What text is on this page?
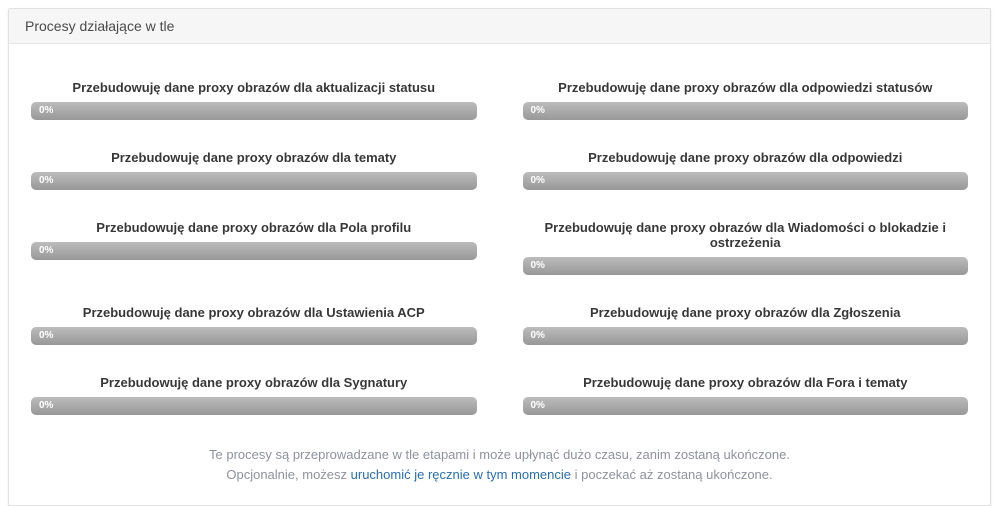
Procesy działające w tle
Przebudowuję dane proxy obrazów dla aktualizacji statusu
0%
Przebudowuję dane proxy obrazów dla odpowiedzi statusów
0%
Przebudowuję dane proxy obrazów dla tematy
0%
Przebudowuję dane proxy obrazów dla odpowiedzi
0%
Przebudowuję dane proxy obrazów dla Pola profilu
0%
Przebudowuję dane proxy obrazów dla Wiadomości o blokadzie i ostrzeżenia
0%
Przebudowuję dane proxy obrazów dla Ustawienia ACP
0%
Przebudowuję dane proxy obrazów dla Zgłoszenia
0%
Przebudowuję dane proxy obrazów dla Sygnatury
0%
Przebudowuję dane proxy obrazów dla Fora i tematy
0%

Te procesy są przeprowadzane w tle etapami i może upłynąć dużo czasu, zanim zostaną ukończone.

Opcjonalnie, możesz uruchomić je ręcznie w tym momencie i poczekać aż zostaną ukończone.
